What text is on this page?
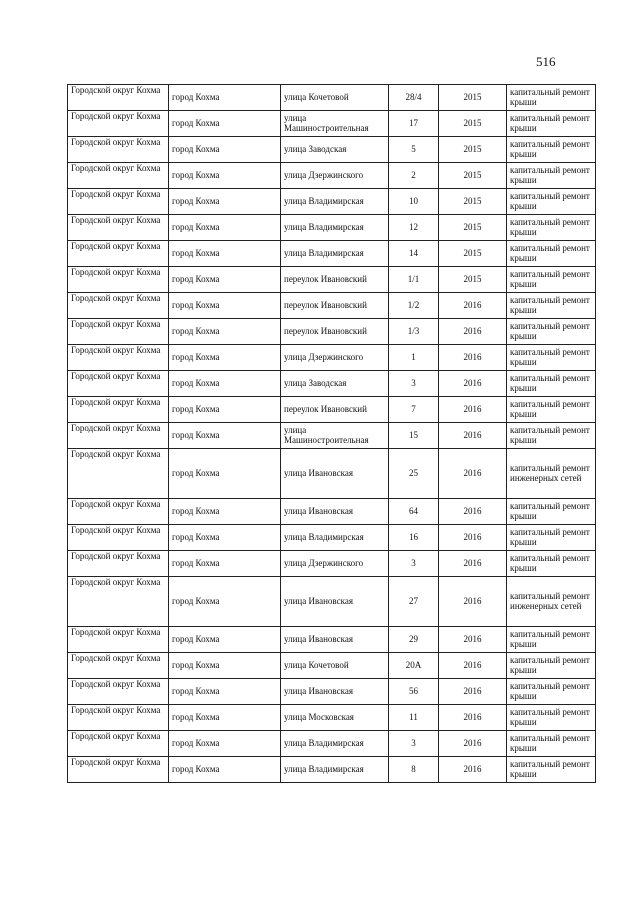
516
Городской округ Кохма	город Кохма	улица Кочетовой	28/4	2015	капитальный ремонт крыши
Городской округ Кохма	город Кохма	улица Машиностроительная	17	2015	капитальный ремонт крыши
Городской округ Кохма	город Кохма	улица Заводская	5	2015	капитальный ремонт крыши
Городской округ Кохма	город Кохма	улица Дзержинского	2	2015	капитальный ремонт крыши
Городской округ Кохма	город Кохма	улица Владимирская	10	2015	капитальный ремонт крыши
Городской округ Кохма	город Кохма	улица Владимирская	12	2015	капитальный ремонт крыши
Городской округ Кохма	город Кохма	улица Владимирская	14	2015	капитальный ремонт крыши
Городской округ Кохма	город Кохма	переулок Ивановский	1/1	2015	капитальный ремонт крыши
Городской округ Кохма	город Кохма	переулок Ивановский	1/2	2016	капитальный ремонт крыши
Городской округ Кохма	город Кохма	переулок Ивановский	1/3	2016	капитальный ремонт крыши
Городской округ Кохма	город Кохма	улица Дзержинского	1	2016	капитальный ремонт крыши
Городской округ Кохма	город Кохма	улица Заводская	3	2016	капитальный ремонт крыши
Городской округ Кохма	город Кохма	переулок Ивановский	7	2016	капитальный ремонт крыши
Городской округ Кохма	город Кохма	улица Машиностроительная	15	2016	капитальный ремонт крыши
Городской округ Кохма	город Кохма	улица Ивановская	25	2016	капитальный ремонт инженерных сетей
Городской округ Кохма	город Кохма	улица Ивановская	64	2016	капитальный ремонт крыши
Городской округ Кохма	город Кохма	улица Владимирская	16	2016	капитальный ремонт крыши
Городской округ Кохма	город Кохма	улица Дзержинского	3	2016	капитальный ремонт крыши
Городской округ Кохма	город Кохма	улица Ивановская	27	2016	капитальный ремонт инженерных сетей
Городской округ Кохма	город Кохма	улица Ивановская	29	2016	капитальный ремонт крыши
Городской округ Кохма	город Кохма	улица Кочетовой	20А	2016	капитальный ремонт крыши
Городской округ Кохма	город Кохма	улица Ивановская	56	2016	капитальный ремонт крыши
Городской округ Кохма	город Кохма	улица Московская	11	2016	капитальный ремонт крыши
Городской округ Кохма	город Кохма	улица Владимирская	3	2016	капитальный ремонт крыши
Городской округ Кохма	город Кохма	улица Владимирская	8	2016	капитальный ремонт крыши
